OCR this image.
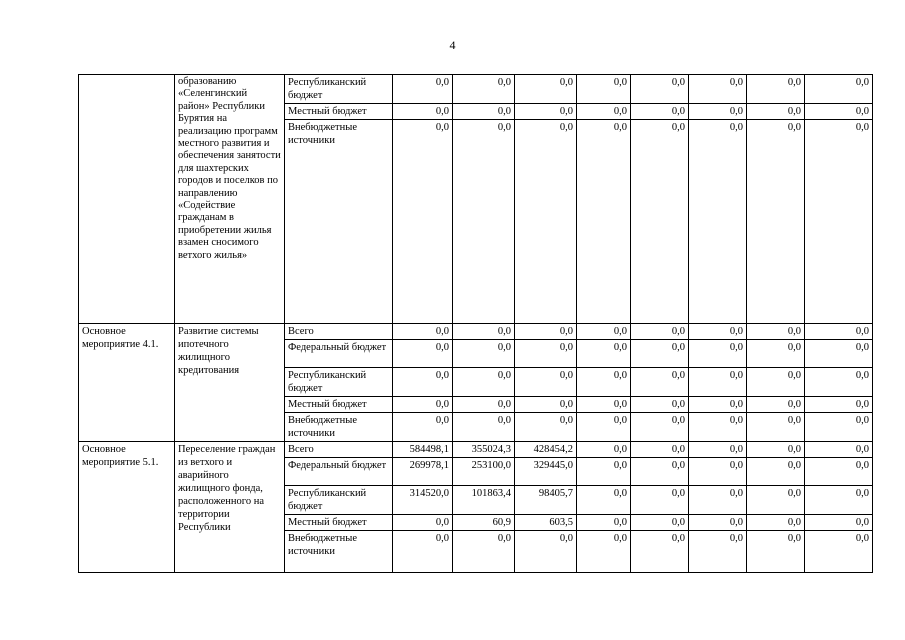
4
	образованию «Селенгинский район» Республики Бурятия на реализацию программ местного развития и обеспечения занятости для шахтерских городов и поселков по направлению «Содействие гражданам в приобретении жилья взамен сносимого ветхого жилья»	Республиканский бюджет	0,0	0,0	0,0	0,0	0,0	0,0	0,0	0,0
		Местный бюджет	0,0	0,0	0,0	0,0	0,0	0,0	0,0	0,0
		Внебюджетные источники	0,0	0,0	0,0	0,0	0,0	0,0	0,0	0,0
Основное мероприятие 4.1.	Развитие системы ипотечного жилищного кредитования	Всего	0,0	0,0	0,0	0,0	0,0	0,0	0,0	0,0
		Федеральный бюджет	0,0	0,0	0,0	0,0	0,0	0,0	0,0	0,0
		Республиканский бюджет	0,0	0,0	0,0	0,0	0,0	0,0	0,0	0,0
		Местный бюджет	0,0	0,0	0,0	0,0	0,0	0,0	0,0	0,0
		Внебюджетные источники	0,0	0,0	0,0	0,0	0,0	0,0	0,0	0,0
Основное мероприятие 5.1.	Переселение граждан из ветхого и аварийного жилищного фонда, расположенного на территории Республики	Всего	584498,1	355024,3	428454,2	0,0	0,0	0,0	0,0	0,0
		Федеральный бюджет	269978,1	253100,0	329445,0	0,0	0,0	0,0	0,0	0,0
		Республиканский бюджет	314520,0	101863,4	98405,7	0,0	0,0	0,0	0,0	0,0
		Местный бюджет	0,0	60,9	603,5	0,0	0,0	0,0	0,0	0,0
		Внебюджетные источники	0,0	0,0	0,0	0,0	0,0	0,0	0,0	0,0
